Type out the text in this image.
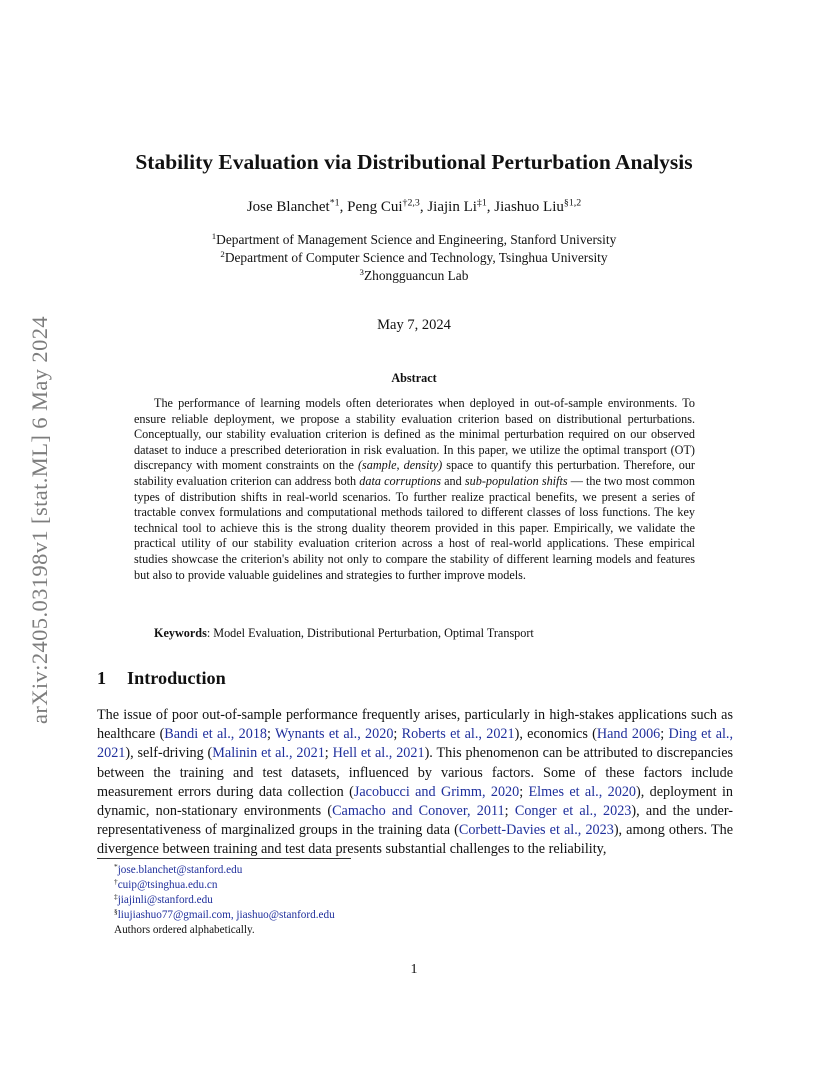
arXiv:2405.03198v1 [stat.ML] 6 May 2024
Stability Evaluation via Distributional Perturbation Analysis
Jose Blanchet$^{*1}$, Peng Cui$^{\dagger 2,3}$, Jiajin Li$^{\ddagger 1}$, Jiashuo Liu$^{\S 1,2}$
$^1$Department of Management Science and Engineering, Stanford University
$^2$Department of Computer Science and Technology, Tsinghua University
$^3$Zhongguancun Lab
May 7, 2024
Abstract

The performance of learning models often deteriorates when deployed in out-of-sample environments. To ensure reliable deployment, we propose a stability evaluation criterion based on distributional perturbations. Conceptually, our stability evaluation criterion is defined as the minimal perturbation required on our observed dataset to induce a prescribed deterioration in risk evaluation. In this paper, we utilize the optimal transport (OT) discrepancy with moment constraints on the (sample, density) space to quantify this perturbation. Therefore, our stability evaluation criterion can address both data corruptions and sub-population shifts — the two most common types of distribution shifts in real-world scenarios. To further realize practical benefits, we present a series of tractable convex formulations and computational methods tailored to different classes of loss functions. The key technical tool to achieve this is the strong duality theorem provided in this paper. Empirically, we validate the practical utility of our stability evaluation criterion across a host of real-world applications. These empirical studies showcase the criterion's ability not only to compare the stability of different learning models and features but also to provide valuable guidelines and strategies to further improve models.

Keywords: Model Evaluation, Distributional Perturbation, Optimal Transport
1 Introduction

The issue of poor out-of-sample performance frequently arises, particularly in high-stakes applications such as healthcare (Bandi et al., 2018; Wynants et al., 2020; Roberts et al., 2021), economics (Hand 2006; Ding et al., 2021), self-driving (Malinin et al., 2021; Hell et al., 2021). This phenomenon can be attributed to discrepancies between the training and test datasets, influenced by various factors. Some of these factors include measurement errors during data collection (Jacobucci and Grimm, 2020; Elmes et al., 2020), deployment in dynamic, non-stationary environments (Camacho and Conover, 2011; Conger et al., 2023), and the under-representativeness of marginalized groups in the training data (Corbett-Davies et al., 2023), among others. The divergence between training and test data presents substantial challenges to the reliability,

*jose.blanchet@stanford.edu
†cuip@tsinghua.edu.cn
‡jiajinli@stanford.edu
§liujiashuo77@gmail.com, jiashuo@stanford.edu
Authors ordered alphabetically.
1
